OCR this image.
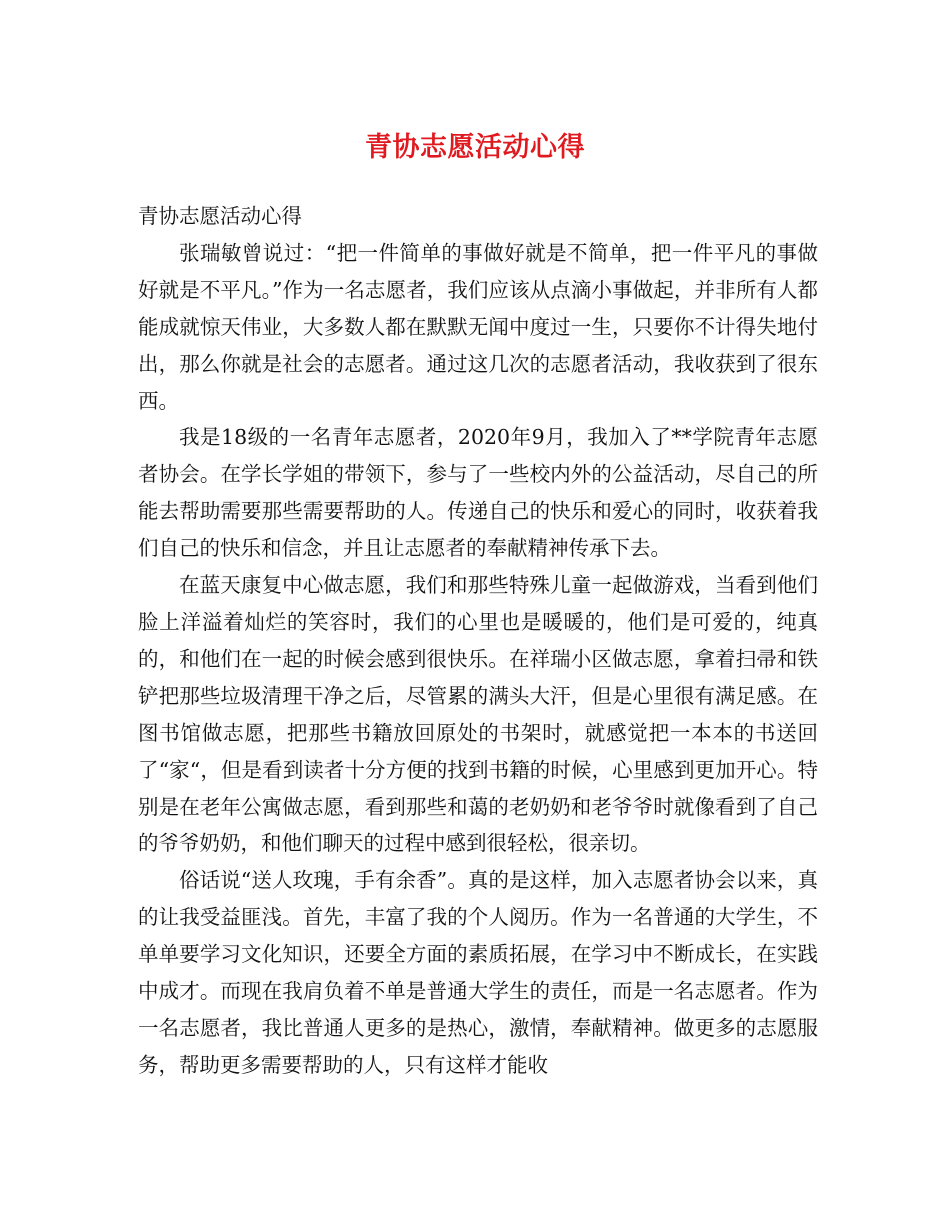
青协志愿活动心得

青协志愿活动心得

张瑞敏曾说过：“把一件简单的事做好就是不简单，把一件平凡的事做好就是不平凡。”作为一名志愿者，我们应该从点滴小事做起，并非所有人都能成就惊天伟业，大多数人都在默默无闻中度过一生，只要你不计得失地付出，那么你就是社会的志愿者。通过这几次的志愿者活动，我收获到了很东西。

我是18级的一名青年志愿者，2020年9月，我加入了**学院青年志愿者协会。在学长学姐的带领下，参与了一些校内外的公益活动，尽自己的所能去帮助需要那些需要帮助的人。传递自己的快乐和爱心的同时，收获着我们自己的快乐和信念，并且让志愿者的奉献精神传承下去。

在蓝天康复中心做志愿，我们和那些特殊儿童一起做游戏，当看到他们脸上洋溢着灿烂的笑容时，我们的心里也是暖暖的，他们是可爱的，纯真的，和他们在一起的时候会感到很快乐。在祥瑞小区做志愿，拿着扫帚和铁铲把那些垃圾清理干净之后，尽管累的满头大汗，但是心里很有满足感。在图书馆做志愿，把那些书籍放回原处的书架时，就感觉把一本本的书送回了“家“，但是看到读者十分方便的找到书籍的时候，心里感到更加开心。特别是在老年公寓做志愿，看到那些和蔼的老奶奶和老爷爷时就像看到了自己的爷爷奶奶，和他们聊天的过程中感到很轻松，很亲切。

俗话说“送人玫瑰，手有余香”。真的是这样，加入志愿者协会以来，真的让我受益匪浅。首先，丰富了我的个人阅历。作为一名普通的大学生，不单单要学习文化知识，还要全方面的素质拓展，在学习中不断成长，在实践中成才。而现在我肩负着不单是普通大学生的责任，而是一名志愿者。作为一名志愿者，我比普通人更多的是热心，激情，奉献精神。做更多的志愿服务，帮助更多需要帮助的人，只有这样才能收
